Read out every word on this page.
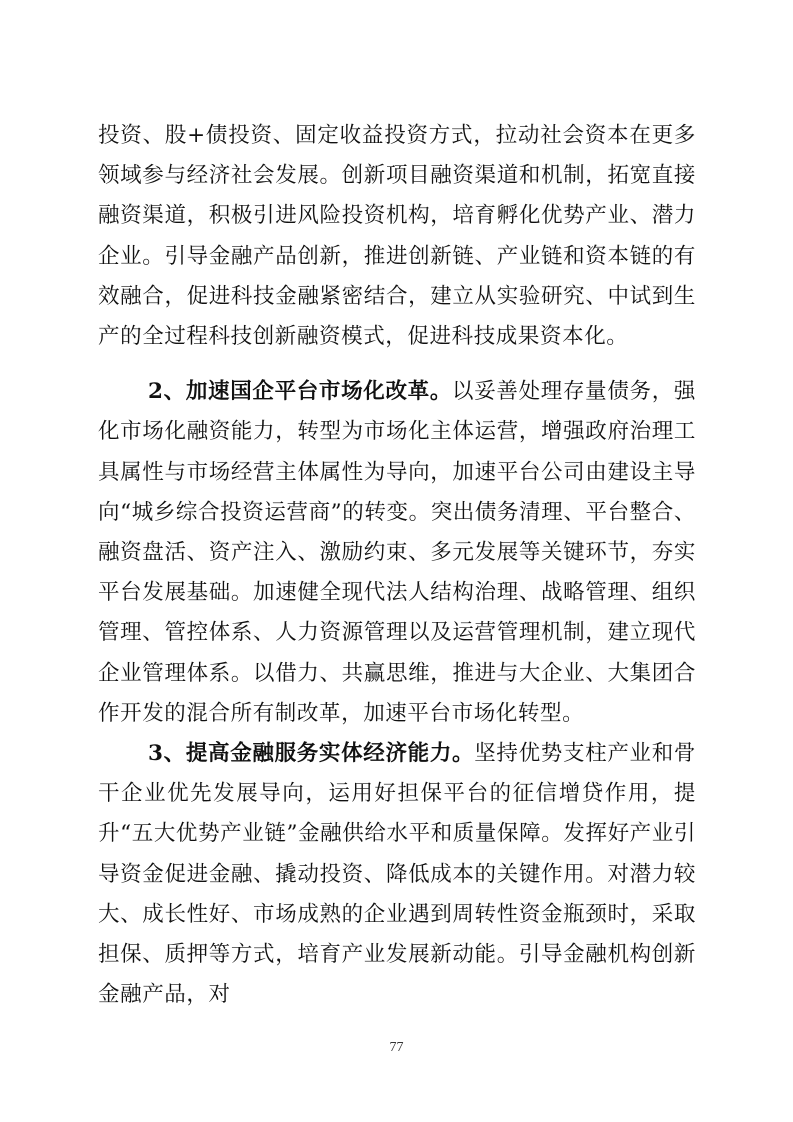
投资、股+债投资、固定收益投资方式，拉动社会资本在更多领域参与经济社会发展。创新项目融资渠道和机制，拓宽直接融资渠道，积极引进风险投资机构，培育孵化优势产业、潜力企业。引导金融产品创新，推进创新链、产业链和资本链的有效融合，促进科技金融紧密结合，建立从实验研究、中试到生产的全过程科技创新融资模式，促进科技成果资本化。

2、加速国企平台市场化改革。以妥善处理存量债务，强化市场化融资能力，转型为市场化主体运营，增强政府治理工具属性与市场经营主体属性为导向，加速平台公司由建设主导向“城乡综合投资运营商”的转变。突出债务清理、平台整合、融资盘活、资产注入、激励约束、多元发展等关键环节，夯实平台发展基础。加速健全现代法人结构治理、战略管理、组织管理、管控体系、人力资源管理以及运营管理机制，建立现代企业管理体系。以借力、共赢思维，推进与大企业、大集团合作开发的混合所有制改革，加速平台市场化转型。

3、提高金融服务实体经济能力。坚持优势支柱产业和骨干企业优先发展导向，运用好担保平台的征信增贷作用，提升“五大优势产业链”金融供给水平和质量保障。发挥好产业引导资金促进金融、撬动投资、降低成本的关键作用。对潜力较大、成长性好、市场成熟的企业遇到周转性资金瓶颈时，采取担保、质押等方式，培育产业发展新动能。引导金融机构创新金融产品，对

77
